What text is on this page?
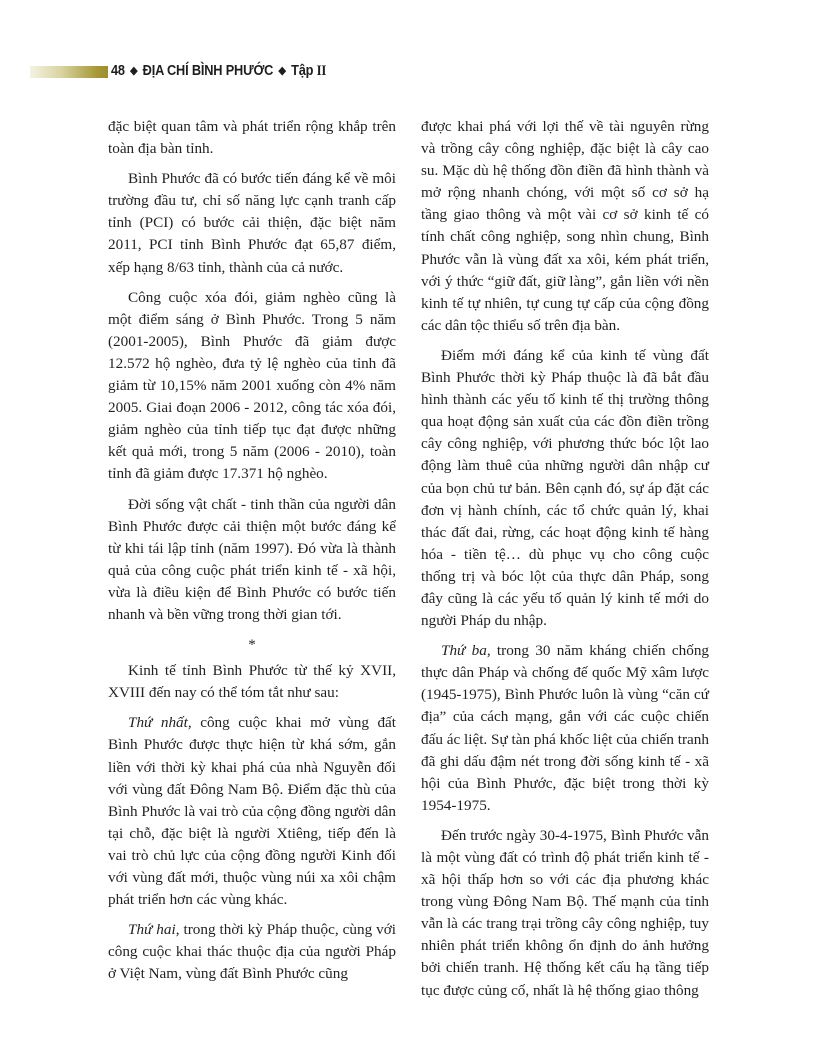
48 ◆ ĐỊA CHÍ BÌNH PHƯỚC ◆ Tập II

đặc biệt quan tâm và phát triển rộng khắp trên toàn địa bàn tỉnh.

Bình Phước đã có bước tiến đáng kể về môi trường đầu tư, chỉ số năng lực cạnh tranh cấp tỉnh (PCI) có bước cải thiện, đặc biệt năm 2011, PCI tỉnh Bình Phước đạt 65,87 điểm, xếp hạng 8/63 tỉnh, thành của cả nước.

Công cuộc xóa đói, giảm nghèo cũng là một điểm sáng ở Bình Phước. Trong 5 năm (2001-2005), Bình Phước đã giảm được 12.572 hộ nghèo, đưa tỷ lệ nghèo của tỉnh đã giảm từ 10,15% năm 2001 xuống còn 4% năm 2005. Giai đoạn 2006 - 2012, công tác xóa đói, giảm nghèo của tỉnh tiếp tục đạt được những kết quả mới, trong 5 năm (2006 - 2010), toàn tỉnh đã giảm được 17.371 hộ nghèo.

Đời sống vật chất - tinh thần của người dân Bình Phước được cải thiện một bước đáng kể từ khi tái lập tỉnh (năm 1997). Đó vừa là thành quả của công cuộc phát triển kinh tế - xã hội, vừa là điều kiện để Bình Phước có bước tiến nhanh và bền vững trong thời gian tới.

*

Kinh tế tỉnh Bình Phước từ thế kỷ XVII, XVIII đến nay có thể tóm tắt như sau:

Thứ nhất, công cuộc khai mở vùng đất Bình Phước được thực hiện từ khá sớm, gắn liền với thời kỳ khai phá của nhà Nguyễn đối với vùng đất Đông Nam Bộ. Điểm đặc thù của Bình Phước là vai trò của cộng đồng người dân tại chỗ, đặc biệt là người Xtiêng, tiếp đến là vai trò chủ lực của cộng đồng người Kinh đối với vùng đất mới, thuộc vùng núi xa xôi chậm phát triển hơn các vùng khác.

Thứ hai, trong thời kỳ Pháp thuộc, cùng với công cuộc khai thác thuộc địa của người Pháp ở Việt Nam, vùng đất Bình Phước cũng

được khai phá với lợi thế về tài nguyên rừng và trồng cây công nghiệp, đặc biệt là cây cao su. Mặc dù hệ thống đồn điền đã hình thành và mở rộng nhanh chóng, với một số cơ sở hạ tầng giao thông và một vài cơ sở kinh tế có tính chất công nghiệp, song nhìn chung, Bình Phước vẫn là vùng đất xa xôi, kém phát triển, với ý thức “giữ đất, giữ làng”, gắn liền với nền kinh tế tự nhiên, tự cung tự cấp của cộng đồng các dân tộc thiểu số trên địa bàn.

Điểm mới đáng kể của kinh tế vùng đất Bình Phước thời kỳ Pháp thuộc là đã bắt đầu hình thành các yếu tố kinh tế thị trường thông qua hoạt động sản xuất của các đồn điền trồng cây công nghiệp, với phương thức bóc lột lao động làm thuê của những người dân nhập cư của bọn chủ tư bản. Bên cạnh đó, sự áp đặt các đơn vị hành chính, các tổ chức quản lý, khai thác đất đai, rừng, các hoạt động kinh tế hàng hóa - tiền tệ… dù phục vụ cho công cuộc thống trị và bóc lột của thực dân Pháp, song đây cũng là các yếu tố quản lý kinh tế mới do người Pháp du nhập.

Thứ ba, trong 30 năm kháng chiến chống thực dân Pháp và chống đế quốc Mỹ xâm lược (1945-1975), Bình Phước luôn là vùng “căn cứ địa” của cách mạng, gắn với các cuộc chiến đấu ác liệt. Sự tàn phá khốc liệt của chiến tranh đã ghi dấu đậm nét trong đời sống kinh tế - xã hội của Bình Phước, đặc biệt trong thời kỳ 1954-1975.

Đến trước ngày 30-4-1975, Bình Phước vẫn là một vùng đất có trình độ phát triển kinh tế - xã hội thấp hơn so với các địa phương khác trong vùng Đông Nam Bộ. Thế mạnh của tỉnh vẫn là các trang trại trồng cây công nghiệp, tuy nhiên phát triển không ổn định do ảnh hưởng bởi chiến tranh. Hệ thống kết cấu hạ tầng tiếp tục được củng cố, nhất là hệ thống giao thông
